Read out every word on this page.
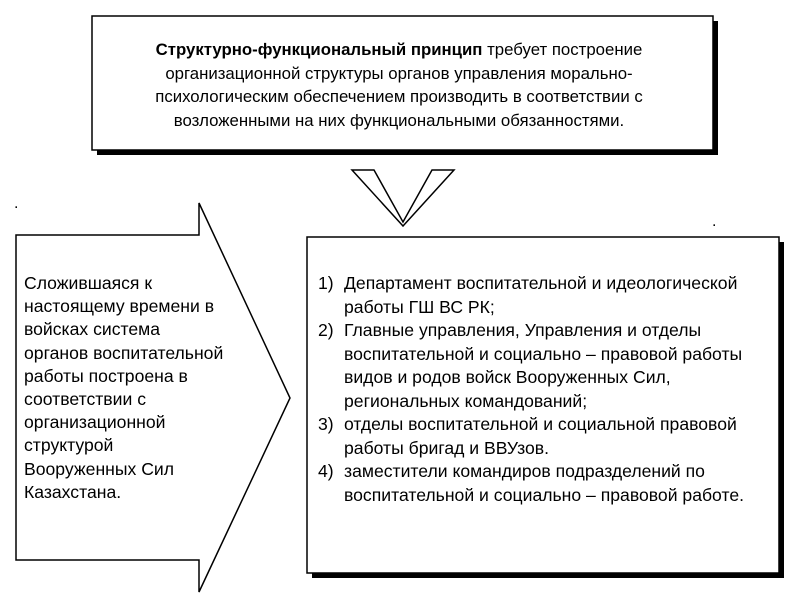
Структурно-функциональный принцип требует построение организационной структуры органов управления морально-психологическим обеспечением производить в соответствии с возложенными на них функциональными обязанностями.

Сложившаяся к настоящему времени в войсках система органов воспитательной работы построена в соответствии с организационной структурой Вооруженных Сил Казахстана.

1) Департамент воспитательной и идеологической работы ГШ ВС РК;
2) Главные управления, Управления и отделы воспитательной и социально – правовой работы видов и родов войск Вооруженных Сил, региональных командований;
3) отделы воспитательной и социальной правовой работы бригад и ВВУзов.
4) заместители командиров подразделений по воспитательной и социально – правовой работе.
.
.
